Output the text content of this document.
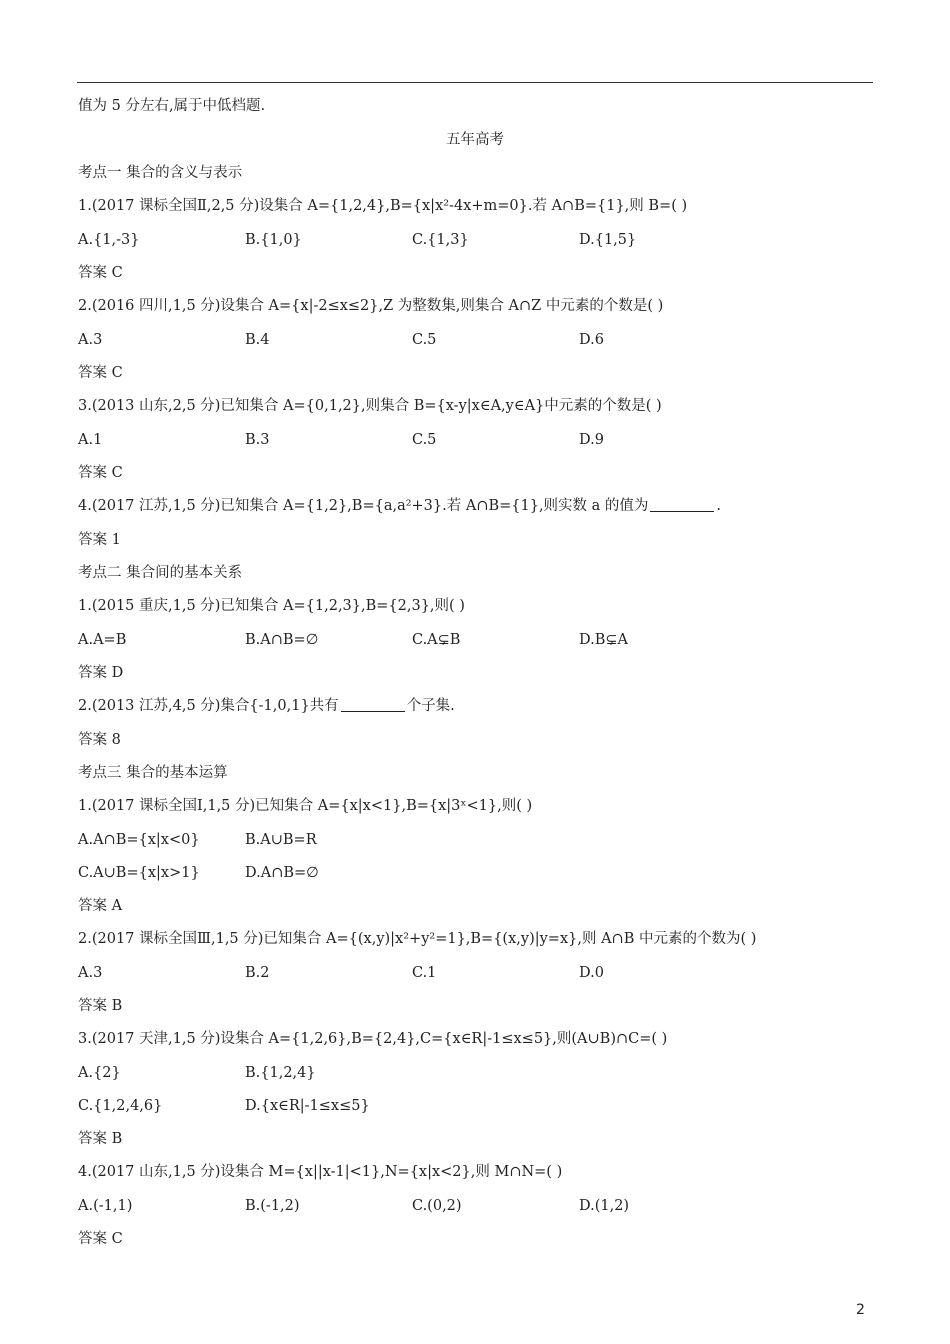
值为 5 分左右,属于中低档题.
五年高考
考点一 集合的含义与表示
1.(2017 课标全国Ⅱ,2,5 分)设集合 A={1,2,4},B={x|x²-4x+m=0}.若 A∩B={1},则 B=( )
A.{1,-3}	B.{1,0}	C.{1,3}	D.{1,5}
答案 C
2.(2016 四川,1,5 分)设集合 A={x|-2≤x≤2},Z 为整数集,则集合 A∩Z 中元素的个数是( )
A.3	B.4	C.5	D.6
答案 C
3.(2013 山东,2,5 分)已知集合 A={0,1,2},则集合 B={x-y|x∈A,y∈A}中元素的个数是( )
A.1	B.3	C.5	D.9
答案 C
4.(2017 江苏,1,5 分)已知集合 A={1,2},B={a,a²+3}.若 A∩B={1},则实数 a 的值为	.
答案 1
考点二 集合间的基本关系
1.(2015 重庆,1,5 分)已知集合 A={1,2,3},B={2,3},则( )
A.A=B	B.A∩B=∅	C.A⊊B	D.B⊊A
答案 D
2.(2013 江苏,4,5 分)集合{-1,0,1}共有	个子集.
答案 8
考点三 集合的基本运算
1.(2017 课标全国Ⅰ,1,5 分)已知集合 A={x|x<1},B={x|3ˣ<1},则( )
A.A∩B={x|x<0}	B.A∪B=R
C.A∪B={x|x>1}	D.A∩B=∅
答案 A
2.(2017 课标全国Ⅲ,1,5 分)已知集合 A={(x,y)|x²+y²=1},B={(x,y)|y=x},则 A∩B 中元素的个数为( )
A.3	B.2	C.1	D.0
答案 B
3.(2017 天津,1,5 分)设集合 A={1,2,6},B={2,4},C={x∈R|-1≤x≤5},则(A∪B)∩C=( )
A.{2}	B.{1,2,4}
C.{1,2,4,6}	D.{x∈R|-1≤x≤5}
答案 B
4.(2017 山东,1,5 分)设集合 M={x||x-1|<1},N={x|x<2},则 M∩N=( )
A.(-1,1)	B.(-1,2)	C.(0,2)	D.(1,2)
答案 C
2
